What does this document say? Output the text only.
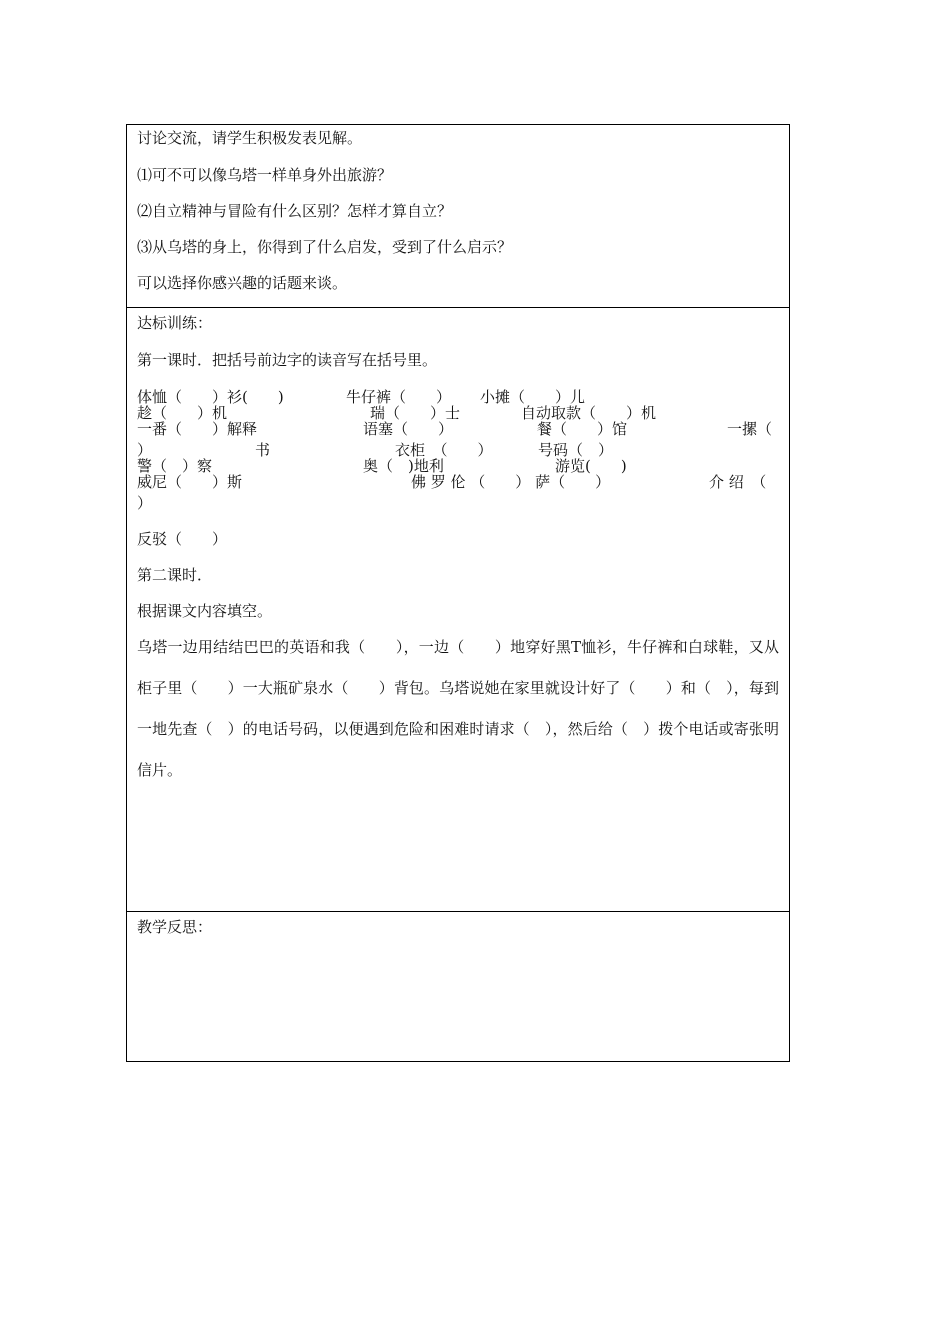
讨论交流，请学生积极发表见解。
⑴可不可以像乌塔一样单身外出旅游？
⑵自立精神与冒险有什么区别？怎样才算自立？
⑶从乌塔的身上，你得到了什么启发，受到了什么启示？
可以选择你感兴趣的话题来谈。
达标训练：
第一课时．把括号前边字的读音写在括号里。
体恤（　　）衫(　　)	牛仔裤（　　） 小摊（　　）儿
趁（　　）机	瑞（　　）士	自动取款（　　）机
一番（　　）解释	语塞（　　）	餐（　　）馆	一摞（
）	书	衣柜　（　　）	号码（　）
警（　）察	奥（　)地利	游览(　　)
威尼（　　）斯	佛 罗 伦 （　　） 萨（　　）	介 绍　（
）
反驳（　　）
第二课时．
根据课文内容填空。
乌塔一边用结结巴巴的英语和我（　　），一边（　　）地穿好黑T恤衫，牛仔裤和白球鞋，又从柜子里（　　）一大瓶矿泉水（　　）背包。乌塔说她在家里就设计好了（　　）和（　），每到一地先查（　）的电话号码，以便遇到危险和困难时请求（　），然后给（　）拨个电话或寄张明信片。
教学反思：
